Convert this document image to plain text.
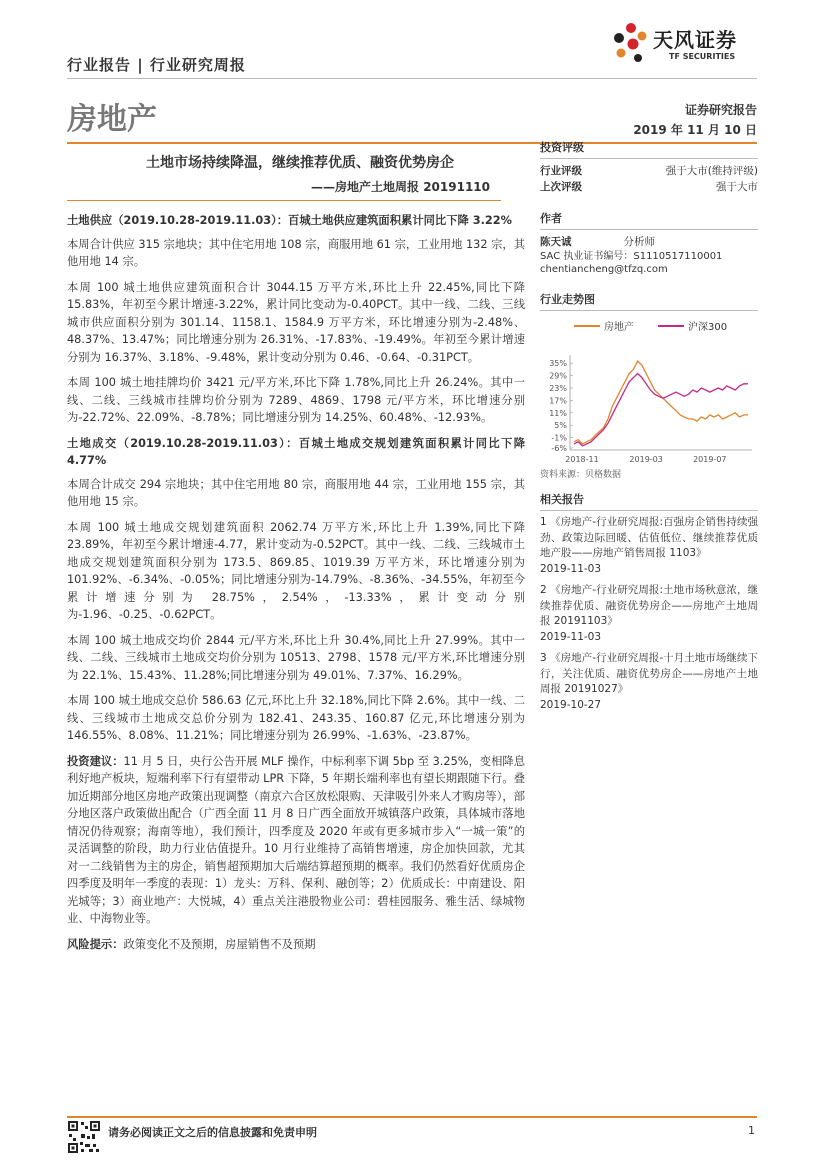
行业报告 | 行业研究周报
天风证券
TF SECURITIES
房地产	证券研究报告
2019 年 11 月 10 日
土地市场持续降温，继续推荐优质、融资优势房企
——房地产土地周报 20191110
土地供应（2019.10.28-2019.11.03）：百城土地供应建筑面积累计同比下降 3.22%

本周合计供应 315 宗地块；其中住宅用地 108 宗，商服用地 61 宗，工业用地 132 宗，其他用地 14 宗。

本周 100 城土地供应建筑面积合计 3044.15 万平方米,环比上升 22.45%,同比下降 15.83%，年初至今累计增速-3.22%，累计同比变动为-0.40PCT。其中一线、二线、三线城市供应面积分别为 301.14、1158.1、1584.9 万平方米，环比增速分别为-2.48%、48.37%、13.47%；同比增速分别为 26.31%、-17.83%、-19.49%。年初至今累计增速分别为 16.37%、3.18%、-9.48%，累计变动分别为 0.46、-0.64、-0.31PCT。

本周 100 城土地挂牌均价 3421 元/平方米,环比下降 1.78%,同比上升 26.24%。其中一线、二线、三线城市挂牌均价分别为 7289、4869、1798 元/平方米，环比增速分别为-22.72%、22.09%、-8.78%；同比增速分别为 14.25%、60.48%、-12.93%。

土地成交（2019.10.28-2019.11.03）：百城土地成交规划建筑面积累计同比下降 4.77%

本周合计成交 294 宗地块；其中住宅用地 80 宗，商服用地 44 宗，工业用地 155 宗，其他用地 15 宗。

本周 100 城土地成交规划建筑面积 2062.74 万平方米,环比上升 1.39%,同比下降 23.89%，年初至今累计增速-4.77，累计变动为-0.52PCT。其中一线、二线、三线城市土地成交规划建筑面积分别为 173.5、869.85、1019.39 万平方米，环比增速分别为 101.92%、-6.34%、-0.05%；同比增速分别为-14.79%、-8.36%、-34.55%，年初至今累计增速分别为 28.75%，2.54%，-13.33%，累计变动分别为-1.96、-0.25、-0.62PCT。

本周 100 城土地成交均价 2844 元/平方米,环比上升 30.4%,同比上升 27.99%。其中一线、二线、三线城市土地成交均价分别为 10513、2798、1578 元/平方米,环比增速分别为 22.1%、15.43%、11.28%;同比增速分别为 49.01%、7.37%、16.29%。

本周 100 城土地成交总价 586.63 亿元,环比上升 32.18%,同比下降 2.6%。其中一线、二线、三线城市土地成交总价分别为 182.41、243.35、160.87 亿元,环比增速分别为 146.55%、8.08%、11.21%；同比增速分别为 26.99%、-1.63%、-23.87%。

投资建议：11 月 5 日，央行公告开展 MLF 操作，中标利率下调 5bp 至 3.25%，变相降息利好地产板块，短端利率下行有望带动 LPR 下降，5 年期长端利率也有望长期跟随下行。叠加近期部分地区房地产政策出现调整（南京六合区放松限购、天津吸引外来人才购房等），部分地区落户政策做出配合（广西全面 11 月 8 日广西全面放开城镇落户政策，具体城市落地情况仍待观察；海南等地），我们预计，四季度及 2020 年或有更多城市步入“一城一策”的灵活调整的阶段，助力行业估值提升。10 月行业维持了高销售增速，房企加快回款，尤其对一二线销售为主的房企，销售超预期加大后端结算超预期的概率。我们仍然看好优质房企四季度及明年一季度的表现：1）龙头：万科、保利、融创等；2）优质成长：中南建设、阳光城等；3）商业地产：大悦城，4）重点关注港股物业公司：碧桂园服务、雅生活、绿城物业、中海物业等。

风险提示：政策变化不及预期，房屋销售不及预期

投资评级
行业评级	强于大市(维持评级)
上次评级	强于大市
作者
陈天诚	分析师
SAC 执业证书编号：S1110517110001
chentiancheng@tfzq.com
行业走势图
房地产	沪深300
35%
29%
23%
17%
11%
5%
-1%
-6%
2018-11	2019-03	2019-07
资料来源：贝格数据
相关报告
1 《房地产-行业研究周报:百强房企销售持续强劲、政策边际回暖、估值低位、继续推荐优质地产股——房地产销售周报 1103》
2019-11-03
2 《房地产-行业研究周报:土地市场秋意浓，继续推荐优质、融资优势房企——房地产土地周报 20191103》
2019-11-03
3 《房地产-行业研究周报-十月土地市场继续下行，关注优质、融资优势房企——房地产土地周报 20191027》
2019-10-27
请务必阅读正文之后的信息披露和免责申明	1
